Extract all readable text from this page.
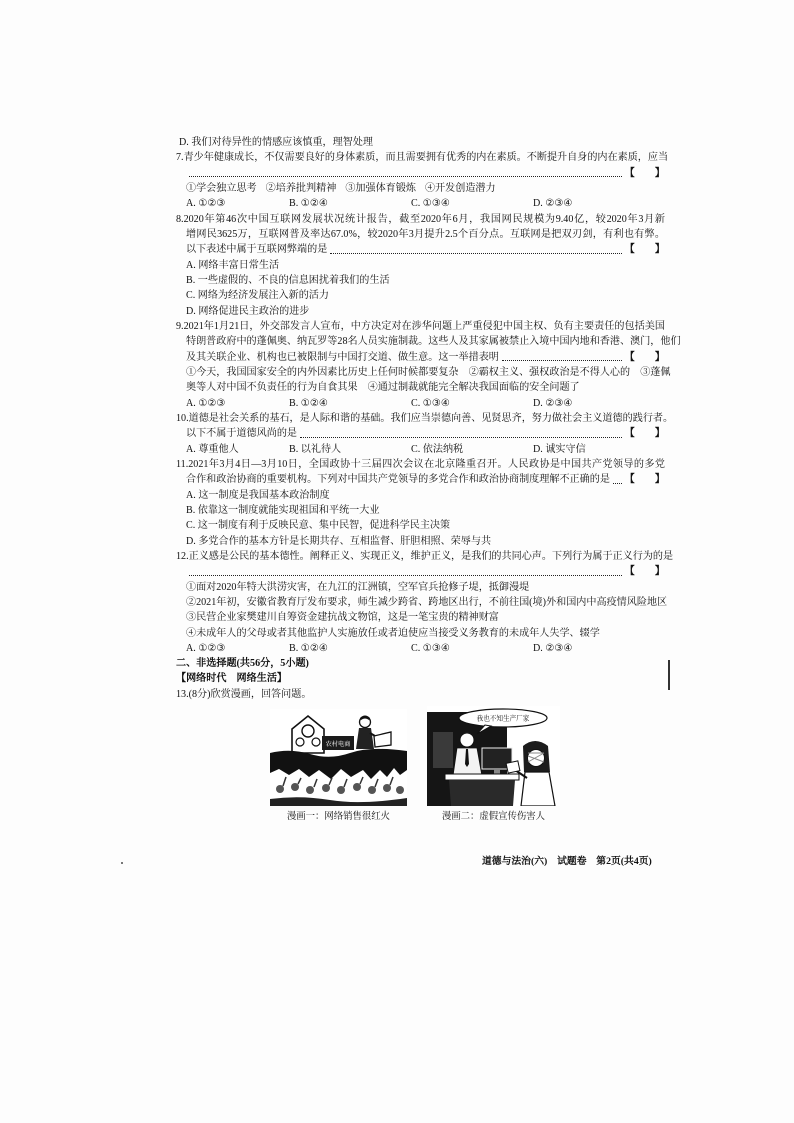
D. 我们对待异性的情感应该慎重，理智处理
7.青少年健康成长，不仅需要良好的身体素质，而且需要拥有优秀的内在素质。不断提升自身的内在素质，应当
【　　】
①学会独立思考 ②培养批判精神 ③加强体育锻炼 ④开发创造潜力
A. ①②③	B. ①②④	C. ①③④	D. ②③④
8.2020年第46次中国互联网发展状况统计报告，截至2020年6月，我国网民规模为9.40亿，较2020年3月新
增网民3625万，互联网普及率达67.0%，较2020年3月提升2.5个百分点。互联网是把双刃剑，有利也有弊。
以下表述中属于互联网弊端的是	【　　】
A. 网络丰富日常生活
B. 一些虚假的、不良的信息困扰着我们的生活
C. 网络为经济发展注入新的活力
D. 网络促进民主政治的进步
9.2021年1月21日，外交部发言人宣布，中方决定对在涉华问题上严重侵犯中国主权、负有主要责任的包括美国
特朗普政府中的蓬佩奥、纳瓦罗等28名人员实施制裁。这些人及其家属被禁止入境中国内地和香港、澳门，他们
及其关联企业、机构也已被限制与中国打交道、做生意。这一举措表明	【　　】
①今天，我国国家安全的内外因素比历史上任何时候都要复杂　②霸权主义、强权政治是不得人心的　③蓬佩
奥等人对中国不负责任的行为自食其果　④通过制裁就能完全解决我国面临的安全问题了
A. ①②③	B. ①②④	C. ①③④	D. ②③④
10.道德是社会关系的基石，是人际和谐的基础。我们应当崇德向善、见贤思齐，努力做社会主义道德的践行者。
以下不属于道德风尚的是	【　　】
A. 尊重他人	B. 以礼待人	C. 依法纳税	D. 诚实守信
11.2021年3月4日—3月10日，全国政协十三届四次会议在北京隆重召开。人民政协是中国共产党领导的多党
合作和政治协商的重要机构。下列对中国共产党领导的多党合作和政治协商制度理解不正确的是 【　　】
A. 这一制度是我国基本政治制度
B. 依靠这一制度就能实现祖国和平统一大业
C. 这一制度有利于反映民意、集中民智，促进科学民主决策
D. 多党合作的基本方针是长期共存、互相监督、肝胆相照、荣辱与共
12.正义感是公民的基本德性。阐释正义、实现正义，维护正义，是我们的共同心声。下列行为属于正义行为的是
【　　】
①面对2020年特大洪涝灾害，在九江的江洲镇，空军官兵抢修子堤，抵御漫堤
②2021年初，安徽省教育厅发布要求，师生减少跨省、跨地区出行，不前往国(境)外和国内中高疫情风险地区
③民营企业家樊建川自筹资金建抗战文物馆，这是一笔宝贵的精神财富
④未成年人的父母或者其他监护人实施放任或者迫使应当接受义务教育的未成年人失学、辍学
A. ①②③	B. ①②④	C. ①③④	D. ②③④
二、非选择题(共56分，5小题)
【网络时代　网络生活】
13.(8分)欣赏漫画，回答问题。
农村电商
我也不知生产厂家
漫画一：网络销售很红火	漫画二：虚假宣传伤害人
道德与法治(六)　试题卷　第2页(共4页)
